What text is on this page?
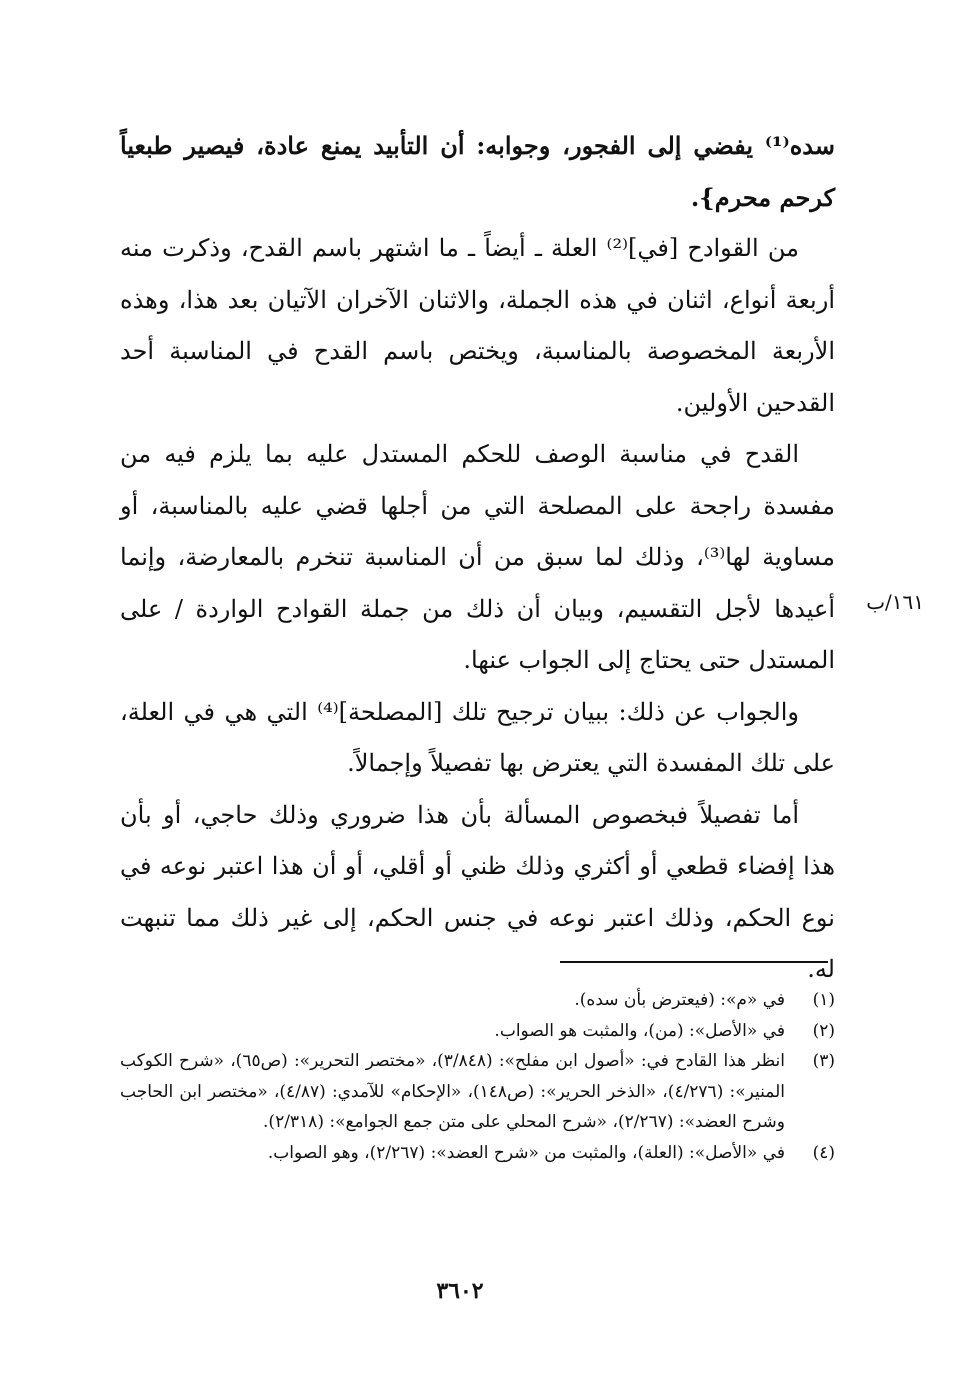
سده⁽¹⁾ يفضي إلى الفجور، وجوابه: أن التأبيد يمنع عادة، فيصير طبعياً كرحم محرم}.

من القوادح [في]⁽²⁾ العلة ـ أيضاً ـ ما اشتهر باسم القدح، وذكرت منه أربعة أنواع، اثنان في هذه الجملة، والاثنان الآخران الآتيان بعد هذا، وهذه الأربعة المخصوصة بالمناسبة، ويختص باسم القدح في المناسبة أحد القدحين الأولين.

القدح في مناسبة الوصف للحكم المستدل عليه بما يلزم فيه من مفسدة راجحة على المصلحة التي من أجلها قضي عليه بالمناسبة، أو مساوية لها⁽³⁾، وذلك لما سبق من أن المناسبة تنخرم بالمعارضة، وإنما أعيدها لأجل التقسيم، وبيان أن ذلك من جملة القوادح الواردة / على المستدل حتى يحتاج إلى الجواب عنها.

والجواب عن ذلك: ببيان ترجيح تلك [المصلحة]⁽⁴⁾ التي هي في العلة، على تلك المفسدة التي يعترض بها تفصيلاً وإجمالاً.

أما تفصيلاً فبخصوص المسألة بأن هذا ضروري وذلك حاجي، أو بأن هذا إفضاء قطعي أو أكثري وذلك ظني أو أقلي، أو أن هذا اعتبر نوعه في نوع الحكم، وذلك اعتبر نوعه في جنس الحكم، إلى غير ذلك مما تنبهت له.

١٦١/ب
(١)
في «م»: (فيعترض بأن سده).
(٢)
في «الأصل»: (من)، والمثبت هو الصواب.
(٣)
انظر هذا القادح في: «أصول ابن مفلح»: (٣/٨٤٨)، «مختصر التحرير»: (ص٦٥)، «شرح الكوكب المنير»: (٤/٢٧٦)، «الذخر الحرير»: (ص١٤٨)، «الإحكام» للآمدي: (٤/٨٧)، «مختصر ابن الحاجب وشرح العضد»: (٢/٢٦٧)، «شرح المحلي على متن جمع الجوامع»: (٢/٣١٨).
(٤)
في «الأصل»: (العلة)، والمثبت من «شرح العضد»: (٢/٢٦٧)، وهو الصواب.
٣٦٠٢
